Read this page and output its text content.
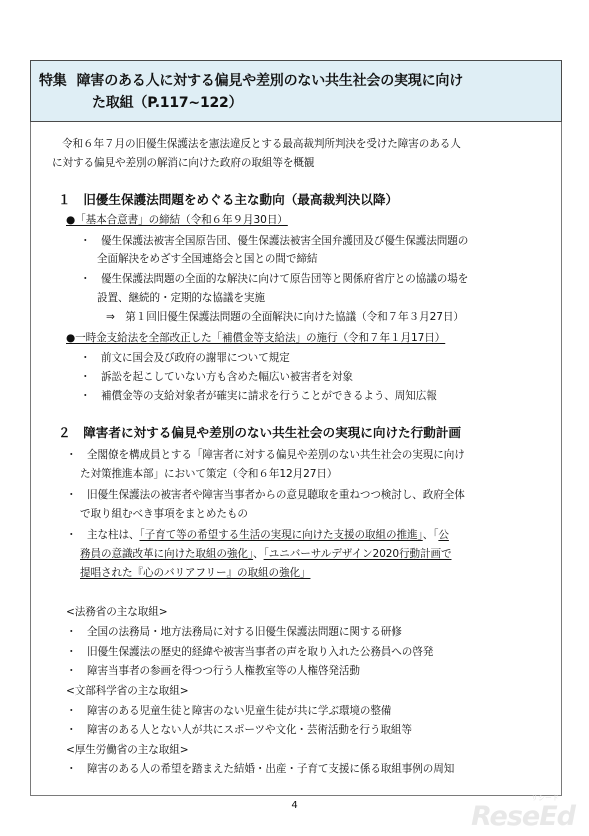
特集 障害のある人に対する偏見や差別のない共生社会の実現に向け
た取組（P.117~122）
令和６年７月の旧優生保護法を憲法違反とする最高裁判所判決を受けた障害のある人
に対する偏見や差別の解消に向けた政府の取組等を概観
１　旧優生保護法問題をめぐる主な動向（最高裁判決以降）
●「基本合意書」の締結（令和６年９月30日）
・　優生保護法被害全国原告団、優生保護法被害全国弁護団及び優生保護法問題の
全面解決をめざす全国連絡会と国との間で締結
・　優生保護法問題の全面的な解決に向けて原告団等と関係府省庁との協議の場を
設置、継続的・定期的な協議を実施
⇒　第１回旧優生保護法問題の全面解決に向けた協議（令和７年３月27日）
●一時金支給法を全部改正した「補償金等支給法」の施行（令和７年１月17日）
・　前文に国会及び政府の謝罪について規定
・　訴訟を起こしていない方も含めた幅広い被害者を対象
・　補償金等の支給対象者が確実に請求を行うことができるよう、周知広報
２　障害者に対する偏見や差別のない共生社会の実現に向けた行動計画
・　全閣僚を構成員とする「障害者に対する偏見や差別のない共生社会の実現に向け
た対策推進本部」において策定（令和６年12月27日）
・　旧優生保護法の被害者や障害当事者からの意見聴取を重ねつつ検討し、政府全体
で取り組むべき事項をまとめたもの
・　主な柱は、「子育て等の希望する生活の実現に向けた支援の取組の推進」、「公
務員の意識改革に向けた取組の強化」、「ユニバーサルデザイン2020行動計画で
提唱された『心のバリアフリー』の取組の強化」
<法務省の主な取組>
・　全国の法務局・地方法務局に対する旧優生保護法問題に関する研修
・　旧優生保護法の歴史的経緯や被害当事者の声を取り入れた公務員への啓発
・　障害当事者の参画を得つつ行う人権教室等の人権啓発活動
<文部科学省の主な取組>
・　障害のある児童生徒と障害のない児童生徒が共に学ぶ環境の整備
・　障害のある人とない人が共にスポーツや文化・芸術活動を行う取組等
<厚生労働省の主な取組>
・　障害のある人の希望を踏まえた結婚・出産・子育て支援に係る取組事例の周知
4
リシード
ReseEd
